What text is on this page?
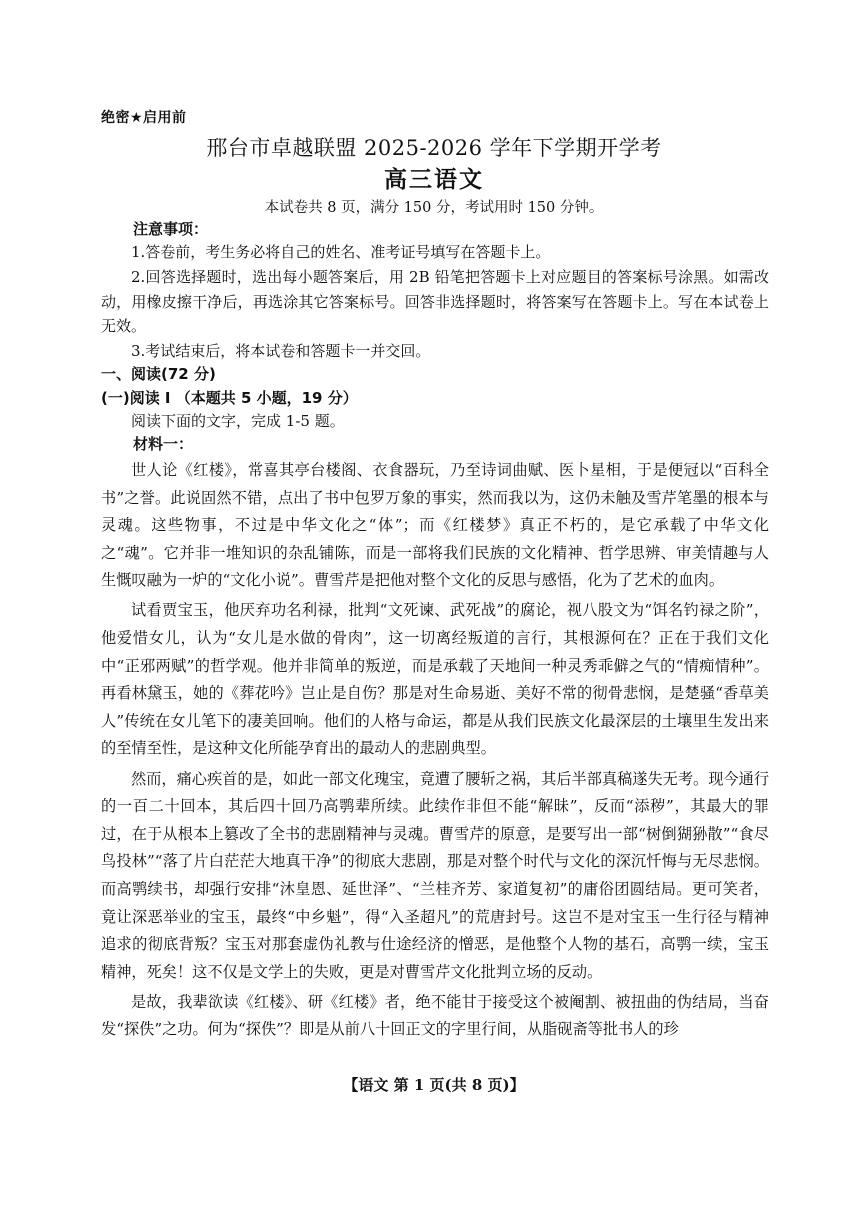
绝密★启用前
邢台市卓越联盟 2025-2026 学年下学期开学考
高三语文
本试卷共 8 页，满分 150 分，考试用时 150 分钟。
注意事项：
1.答卷前，考生务必将自己的姓名、准考证号填写在答题卡上。
2.回答选择题时，选出每小题答案后，用 2B 铅笔把答题卡上对应题目的答案标号涂黑。如需改动，用橡皮擦干净后，再选涂其它答案标号。回答非选择题时，将答案写在答题卡上。写在本试卷上无效。
3.考试结束后，将本试卷和答题卡一并交回。
一、阅读(72 分)
(一)阅读 I （本题共 5 小题，19 分）
阅读下面的文字，完成 1-5 题。
材料一：

世人论《红楼》，常喜其亭台楼阁、衣食器玩，乃至诗词曲赋、医卜星相，于是便冠以“百科全书”之誉。此说固然不错，点出了书中包罗万象的事实，然而我以为，这仍未触及雪芹笔墨的根本与灵魂。这些物事，不过是中华文化之“体”；而《红楼梦》真正不朽的，是它承载了中华文化之“魂”。它并非一堆知识的杂乱铺陈，而是一部将我们民族的文化精神、哲学思辨、审美情趣与人生慨叹融为一炉的“文化小说”。曹雪芹是把他对整个文化的反思与感悟，化为了艺术的血肉。

试看贾宝玉，他厌弃功名利禄，批判“文死谏、武死战”的腐论，视八股文为“饵名钓禄之阶”，他爱惜女儿，认为“女儿是水做的骨肉”，这一切离经叛道的言行，其根源何在？正在于我们文化中“正邪两赋”的哲学观。他并非简单的叛逆，而是承载了天地间一种灵秀乖僻之气的“情痴情种”。再看林黛玉，她的《葬花吟》岂止是自伤？那是对生命易逝、美好不常的彻骨悲悯，是楚骚“香草美人”传统在女儿笔下的凄美回响。他们的人格与命运，都是从我们民族文化最深层的土壤里生发出来的至情至性，是这种文化所能孕育出的最动人的悲剧典型。

然而，痛心疾首的是，如此一部文化瑰宝，竟遭了腰斩之祸，其后半部真稿遂失无考。现今通行的一百二十回本，其后四十回乃高鹗辈所续。此续作非但不能“解昧”，反而“添秽”，其最大的罪过，在于从根本上篡改了全书的悲剧精神与灵魂。曹雪芹的原意，是要写出一部“树倒猢狲散”“食尽鸟投林”“落了片白茫茫大地真干净”的彻底大悲剧，那是对整个时代与文化的深沉忏悔与无尽悲悯。而高鹗续书，却强行安排“沐皇恩、延世泽”、“兰桂齐芳、家道复初”的庸俗团圆结局。更可笑者，竟让深恶举业的宝玉，最终“中乡魁”，得“入圣超凡”的荒唐封号。这岂不是对宝玉一生行径与精神追求的彻底背叛？宝玉对那套虚伪礼教与仕途经济的憎恶，是他整个人物的基石，高鹗一续，宝玉精神，死矣！这不仅是文学上的失败，更是对曹雪芹文化批判立场的反动。

是故，我辈欲读《红楼》、研《红楼》者，绝不能甘于接受这个被阉割、被扭曲的伪结局，当奋发“探佚”之功。何为“探佚”？即是从前八十回正文的字里行间，从脂砚斋等批书人的珍

【语文 第 1 页(共 8 页)】
